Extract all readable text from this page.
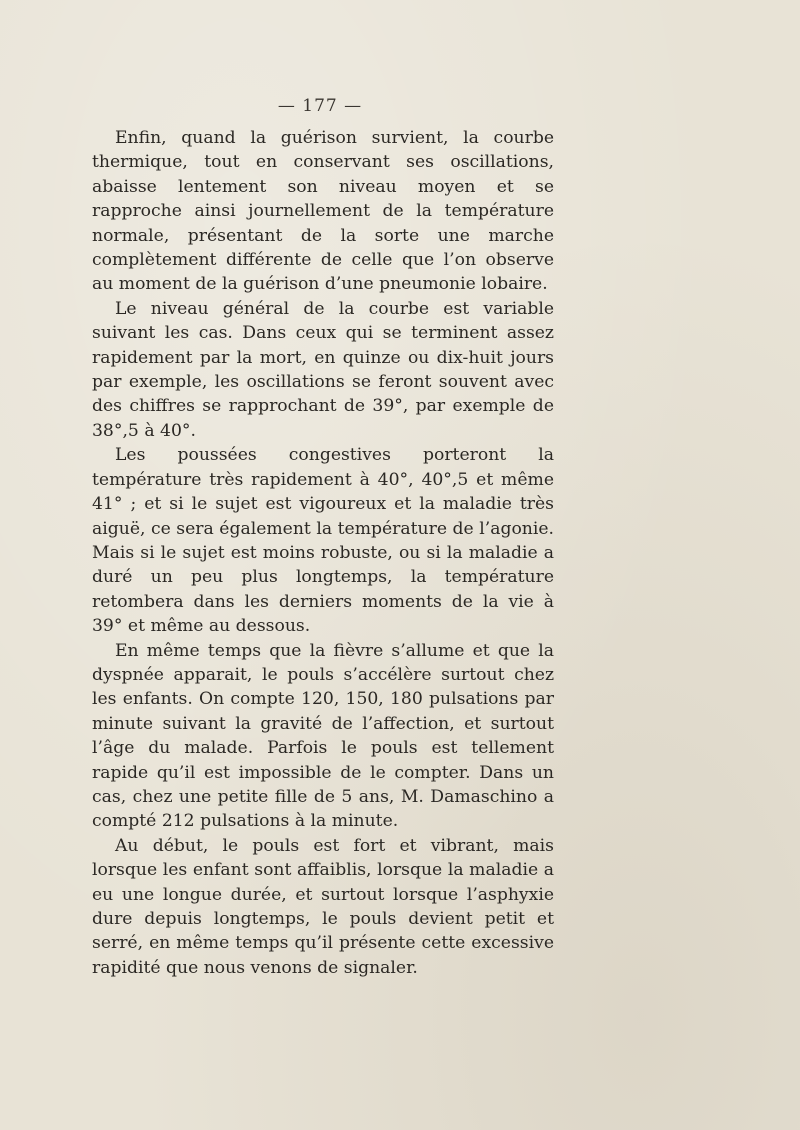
— 177 —

Enfin, quand la guérison survient, la courbe thermique, tout en conservant ses oscillations, abaisse lentement son niveau moyen et se rapproche ainsi journellement de la température normale, présentant de la sorte une marche complètement différente de celle que l’on observe au moment de la guérison d’une pneumonie lobaire.

Le niveau général de la courbe est variable suivant les cas. Dans ceux qui se terminent assez rapidement par la mort, en quinze ou dix-huit jours par exemple, les oscillations se feront souvent avec des chiffres se rapprochant de 39°, par exemple de 38°,5 à 40°.

Les poussées congestives porteront la température très rapidement à 40°, 40°,5 et même 41° ; et si le sujet est vigoureux et la maladie très aiguë, ce sera également la température de l’agonie. Mais si le sujet est moins robuste, ou si la maladie a duré un peu plus longtemps, la température retombera dans les derniers moments de la vie à 39° et même au dessous.

En même temps que la fièvre s’allume et que la dyspnée apparait, le pouls s’accélère surtout chez les enfants. On compte 120, 150, 180 pulsations par minute suivant la gravité de l’affection, et surtout l’âge du malade. Parfois le pouls est tellement rapide qu’il est impossible de le compter. Dans un cas, chez une petite fille de 5 ans, M. Damaschino a compté 212 pulsations à la minute.

Au début, le pouls est fort et vibrant, mais lorsque les enfant sont affaiblis, lorsque la maladie a eu une longue durée, et surtout lorsque l’asphyxie dure depuis longtemps, le pouls devient petit et serré, en même temps qu’il présente cette excessive rapidité que nous venons de signaler.
